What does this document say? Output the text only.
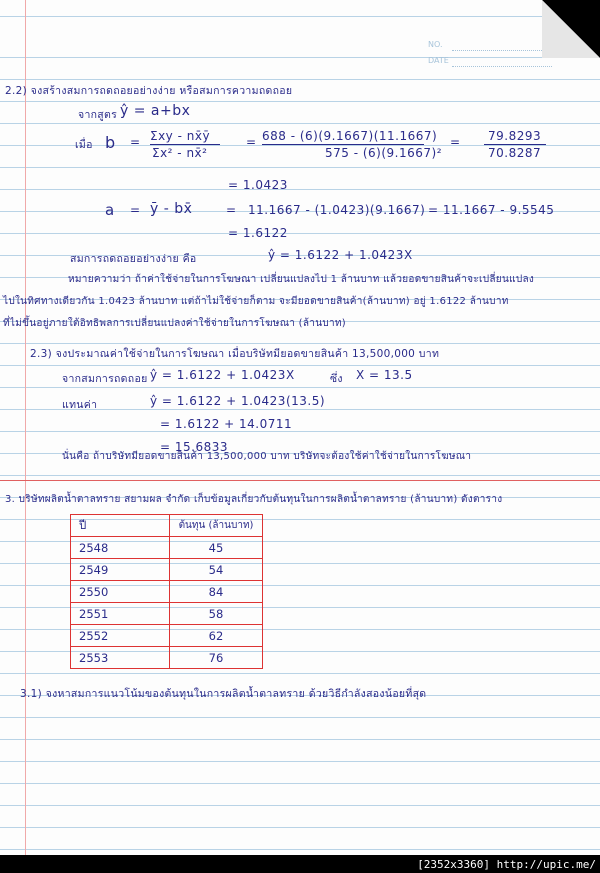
NO.
DATE
2.2) จงสร้างสมการถดถอยอย่างง่าย หรือสมการความถดถอย
จากสูตร ŷ = a+bx
เมื่อ b = Σxy - nx̄ȳ
Σx² - nx̄²
= 688 - (6)(9.1667)(11.1667)
575 - (6)(9.1667)²
= 79.8293
70.8287
= 1.0423
a = ȳ - bx̄	= 11.1667 - (1.0423)(9.1667) = 11.1667 - 9.5545
= 1.6122
สมการถดถอยอย่างง่าย คือ	ŷ = 1.6122 + 1.0423X
หมายความว่า ถ้าค่าใช้จ่ายในการโฆษณา เปลี่ยนแปลงไป 1 ล้านบาท แล้วยอดขายสินค้าจะเปลี่ยนแปลง
ไปในทิศทางเดียวกัน 1.0423 ล้านบาท แต่ถ้าไม่ใช้จ่ายก็ตาม จะมียอดขายสินค้า(ล้านบาท) อยู่ 1.6122 ล้านบาท
ที่ไม่ขึ้นอยู่ภายใต้อิทธิพลการเปลี่ยนแปลงค่าใช้จ่ายในการโฆษณา (ล้านบาท)
2.3) จงประมาณค่าใช้จ่ายในการโฆษณา เมื่อบริษัทมียอดขายสินค้า 13,500,000 บาท
จากสมการถดถอย ŷ = 1.6122 + 1.0423X	ซึ่ง X = 13.5
แทนค่า	ŷ = 1.6122 + 1.0423(13.5)
= 1.6122 + 14.0711
= 15.6833
นั่นคือ ถ้าบริษัทมียอดขายสินค้า 13,500,000 บาท บริษัทจะต้องใช้ค่าใช้จ่ายในการโฆษณา
3. บริษัทผลิตน้ำตาลทราย สยามผล จำกัด เก็บข้อมูลเกี่ยวกับต้นทุนในการผลิตน้ำตาลทราย (ล้านบาท) ดังตาราง
ปี	ต้นทุน (ล้านบาท)
2548	45
2549	54
2550	84
2551	58
2552	62
2553	76
3.1) จงหาสมการแนวโน้มของต้นทุนในการผลิตน้ำตาลทราย ด้วยวิธีกำลังสองน้อยที่สุด
[2352x3360] http://upic.me/
